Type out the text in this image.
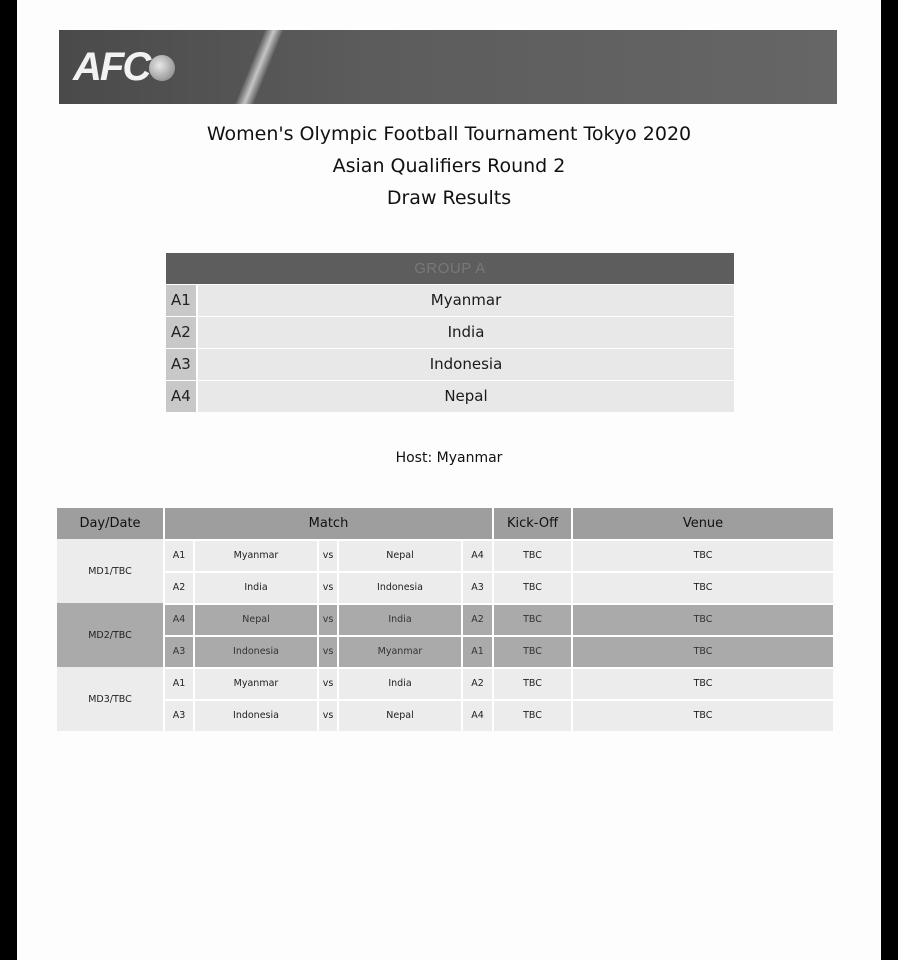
AFC
Women's Olympic Football Tournament Tokyo 2020
Asian Qualifiers Round 2
Draw Results
GROUP A
A1	Myanmar
A2	India
A3	Indonesia
A4	Nepal
Host: Myanmar
Day/Date	Match	Kick-Off	Venue
MD1/TBC
A1	Myanmar	vs	Nepal	A4	TBC	TBC
A2	India	vs	Indonesia	A3	TBC	TBC
MD2/TBC
A4	Nepal	vs	India	A2	TBC	TBC
A3	Indonesia	vs	Myanmar	A1	TBC	TBC
MD3/TBC
A1	Myanmar	vs	India	A2	TBC	TBC
A3	Indonesia	vs	Nepal	A4	TBC	TBC
